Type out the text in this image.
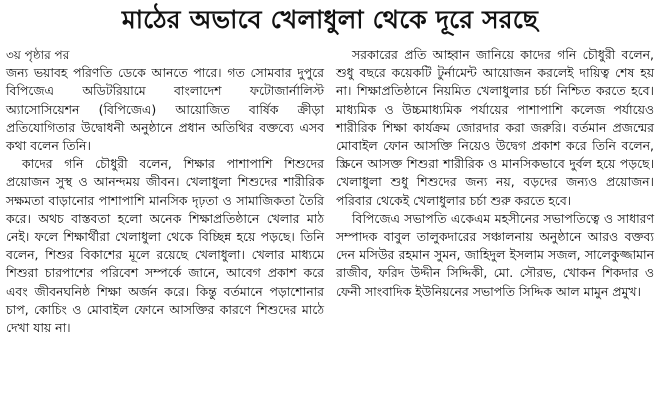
মাঠের অভাবে খেলাধুলা থেকে দূরে সরছে

৩য় পৃষ্ঠার পর

জন্য ভয়াবহ পরিণতি ডেকে আনতে পারে। গত সোমবার দুপুরে বিপিজেএ অডিটরিয়ামে বাংলাদেশ ফটোজার্নালিস্ট অ্যাসোসিয়েশন (বিপিজেএ) আয়োজিত বার্ষিক ক্রীড়া প্রতিযোগিতার উদ্বোধনী অনুষ্ঠানে প্রধান অতিথির বক্তব্যে এসব কথা বলেন তিনি।

কাদের গনি চৌধুরী বলেন, শিক্ষার পাশাপাশি শিশুদের প্রয়োজন সুস্থ ও আনন্দময় জীবন। খেলাধুলা শিশুদের শারীরিক সক্ষমতা বাড়ানোর পাশাপাশি মানসিক দৃঢ়তা ও সামাজিকতা তৈরি করে। অথচ বাস্তবতা হলো অনেক শিক্ষাপ্রতিষ্ঠানে খেলার মাঠ নেই। ফলে শিক্ষার্থীরা খেলাধুলা থেকে বিচ্ছিন্ন হয়ে পড়ছে। তিনি বলেন, শিশুর বিকাশের মূলে রয়েছে খেলাধুলা। খেলার মাধ্যমে শিশুরা চারপাশের পরিবেশ সম্পর্কে জানে, আবেগ প্রকাশ করে এবং জীবনঘনিষ্ঠ শিক্ষা অর্জন করে। কিন্তু বর্তমানে পড়াশোনার চাপ, কোচিং ও মোবাইল ফোনে আসক্তির কারণে শিশুদের মাঠে দেখা যায় না।

সরকারের প্রতি আহ্বান জানিয়ে কাদের গনি চৌধুরী বলেন, শুধু বছরে কয়েকটি টুর্নামেন্ট আয়োজন করলেই দায়িত্ব শেষ হয় না। শিক্ষাপ্রতিষ্ঠানে নিয়মিত খেলাধুলার চর্চা নিশ্চিত করতে হবে। মাধ্যমিক ও উচ্চমাধ্যমিক পর্যায়ের পাশাপাশি কলেজ পর্যায়েও শারীরিক শিক্ষা কার্যক্রম জোরদার করা জরুরি। বর্তমান প্রজন্মের মোবাইল ফোন আসক্তি নিয়েও উদ্বেগ প্রকাশ করে তিনি বলেন, স্ক্রিনে আসক্ত শিশুরা শারীরিক ও মানসিকভাবে দুর্বল হয়ে পড়ছে। খেলাধুলা শুধু শিশুদের জন্য নয়, বড়দের জন্যও প্রয়োজন। পরিবার থেকেই খেলাধুলার চর্চা শুরু করতে হবে।

বিপিজেএ সভাপতি একেএম মহসীনের সভাপতিত্বে ও সাধারণ সম্পাদক বাবুল তালুকদারের সঞ্চালনায় অনুষ্ঠানে আরও বক্তব্য দেন মসিউর রহমান সুমন, জাহিদুল ইসলাম সজল, সালেকুজ্জামান রাজীব, ফরিদ উদ্দীন সিদ্দিকী, মো. সৌরভ, খোকন শিকদার ও ফেনী সাংবাদিক ইউনিয়নের সভাপতি সিদ্দিক আল মামুন প্রমুখ।
